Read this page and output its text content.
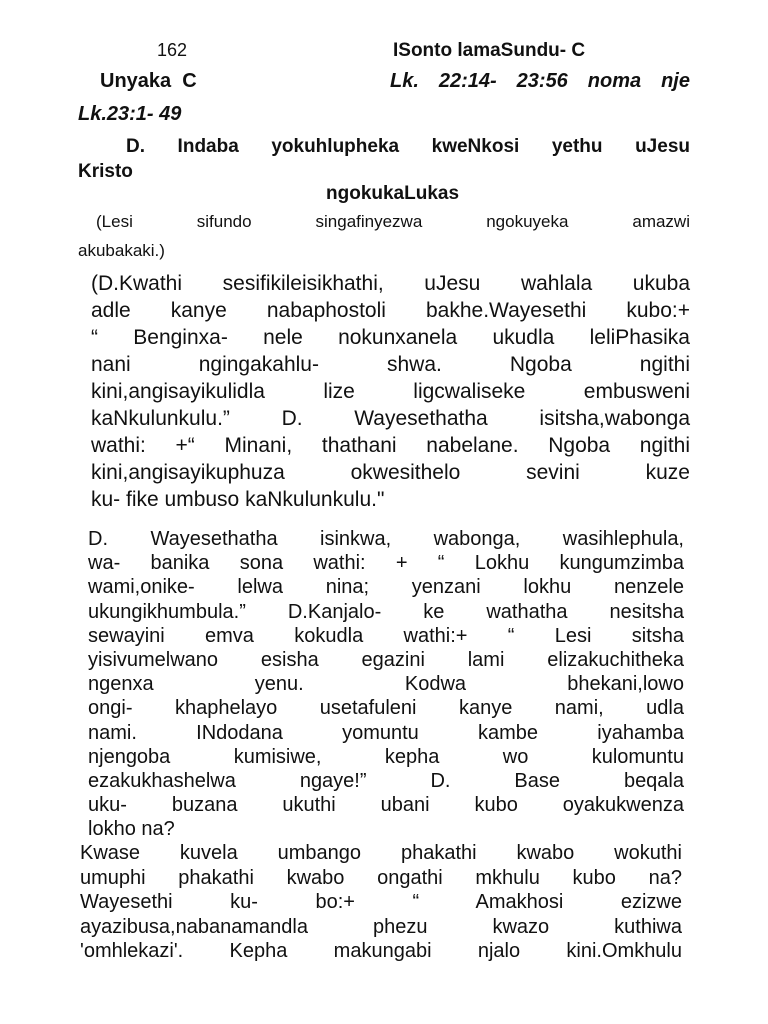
162	ISonto lamaSundu- C
Unyaka  C	Lk. 22:14- 23:56 noma nje
Lk.23:1- 49
D. Indaba yokuhlupheka kweNkosi yethu uJesu
Kristo
ngokukaLukas
(Lesi sifundo singafinyezwa ngokuyeka amazwi
akubakaki.)
(D.Kwathi sesifikileisikhathi, uJesu wahlala ukuba
adle kanye nabaphostoli bakhe.Wayesethi kubo:+
“ Benginxa- nele nokunxanela ukudla leliPhasika
nani ngingakahlu- shwa. Ngoba ngithi
kini,angisayikulidla lize ligcwaliseke embusweni
kaNkulunkulu.” D. Wayesethatha isitsha,wabonga
wathi: +“ Minani, thathani nabelane. Ngoba ngithi
kini,angisayikuphuza okwesithelo sevini kuze
ku- fike umbuso kaNkulunkulu."
D. Wayesethatha isinkwa, wabonga, wasihlephula,
wa- banika sona wathi: + “ Lokhu kungumzimba
wami,onike- lelwa nina; yenzani lokhu nenzele
ukungikhumbula.” D.Kanjalo- ke wathatha nesitsha
sewayini emva kokudla wathi:+ “ Lesi sitsha
yisivumelwano esisha egazini lami elizakuchitheka
ngenxa yenu. Kodwa bhekani,lowo
ongi- khaphelayo usetafuleni kanye nami, udla
nami. INdodana yomuntu kambe iyahamba
njengoba kumisiwe, kepha wo kulomuntu
ezakukhashelwa ngaye!” D. Base beqala
uku- buzana ukuthi ubani kubo oyakukwenza
lokho na?
Kwase kuvela umbango phakathi kwabo wokuthi
umuphi phakathi kwabo ongathi mkhulu kubo na?
Wayesethi ku- bo:+ “ Amakhosi ezizwe
ayazibusa,nabanamandla phezu kwazo kuthiwa
'omhlekazi'. Kepha makungabi njalo kini.Omkhulu
